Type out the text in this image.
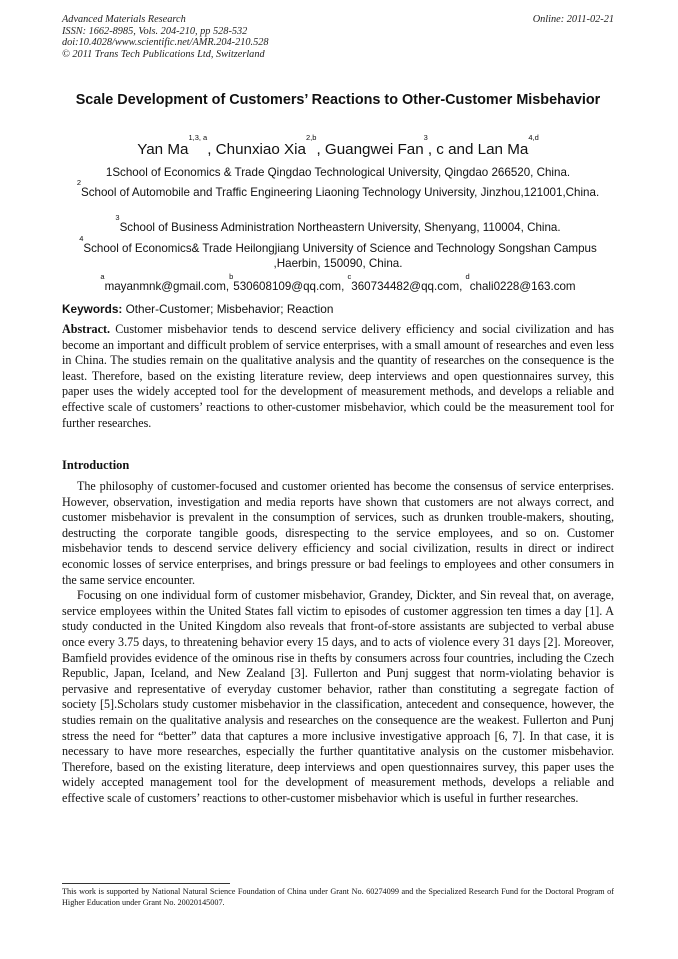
Advanced Materials Research
ISSN: 1662-8985, Vols. 204-210, pp 528-532
doi:10.4028/www.scientific.net/AMR.204-210.528
© 2011 Trans Tech Publications Ltd, Switzerland
Online: 2011-02-21
Scale Development of Customers’ Reactions to Other-Customer Misbehavior
Yan Ma$^{1,3, a}$, Chunxiao Xia$^{2,b}$, Guangwei Fan$^3$, c and Lan Ma$^{4,d}$
1School of Economics & Trade Qingdao Technological University, Qingdao 266520, China.
$^2$School of Automobile and Traffic Engineering Liaoning Technology University, Jinzhou,121001,China.
$^3$School of Business Administration Northeastern University, Shenyang, 110004, China.
$^4$School of Economics& Trade Heilongjiang University of Science and Technology Songshan Campus ,Haerbin, 150090, China.
$^a$mayanmnk@gmail.com,$^b$530608109@qq.com, $^c$360734482@qq.com, $^d$chali0228@163.com
Keywords: Other-Customer; Misbehavior; Reaction

Abstract. Customer misbehavior tends to descend service delivery efficiency and social civilization and has become an important and difficult problem of service enterprises, with a small amount of researches and even less in China. The studies remain on the qualitative analysis and the quantity of researches on the consequence is the least. Therefore, based on the existing literature review, deep interviews and open questionnaires survey, this paper uses the widely accepted tool for the development of measurement methods, and develops a reliable and effective scale of customers’ reactions to other-customer misbehavior, which could be the measurement tool for further researches.

Introduction

The philosophy of customer-focused and customer oriented has become the consensus of service enterprises. However, observation, investigation and media reports have shown that customers are not always correct, and customer misbehavior is prevalent in the consumption of services, such as drunken trouble-makers, shouting, destructing the corporate tangible goods, disrespecting to the service employees, and so on. Customer misbehavior tends to descend service delivery efficiency and social civilization, results in direct or indirect economic losses of service enterprises, and brings pressure or bad feelings to employees and other consumers in the same service encounter.

Focusing on one individual form of customer misbehavior, Grandey, Dickter, and Sin reveal that, on average, service employees within the United States fall victim to episodes of customer aggression ten times a day [1]. A study conducted in the United Kingdom also reveals that front-of-store assistants are subjected to verbal abuse once every 3.75 days, to threatening behavior every 15 days, and to acts of violence every 31 days [2]. Moreover, Bamfield provides evidence of the ominous rise in thefts by consumers across four countries, including the Czech Republic, Japan, Iceland, and New Zealand [3]. Fullerton and Punj suggest that norm-violating behavior is pervasive and representative of everyday customer behavior, rather than constituting a segregate faction of society [5].Scholars study customer misbehavior in the classification, antecedent and consequence, however, the studies remain on the qualitative analysis and researches on the consequence are the weakest. Fullerton and Punj stress the need for “better” data that captures a more inclusive investigative approach [6, 7]. In that case, it is necessary to have more researches, especially the further quantitative analysis on the customer misbehavior. Therefore, based on the existing literature, deep interviews and open questionnaires survey, this paper uses the widely accepted management tool for the development of measurement methods, develops a reliable and effective scale of customers’ reactions to other-customer misbehavior which is useful in further researches.

This work is supported by National Natural Science Foundation of China under Grant No. 60274099 and the Specialized Research Fund for the Doctoral Program of Higher Education under Grant No. 20020145007.
